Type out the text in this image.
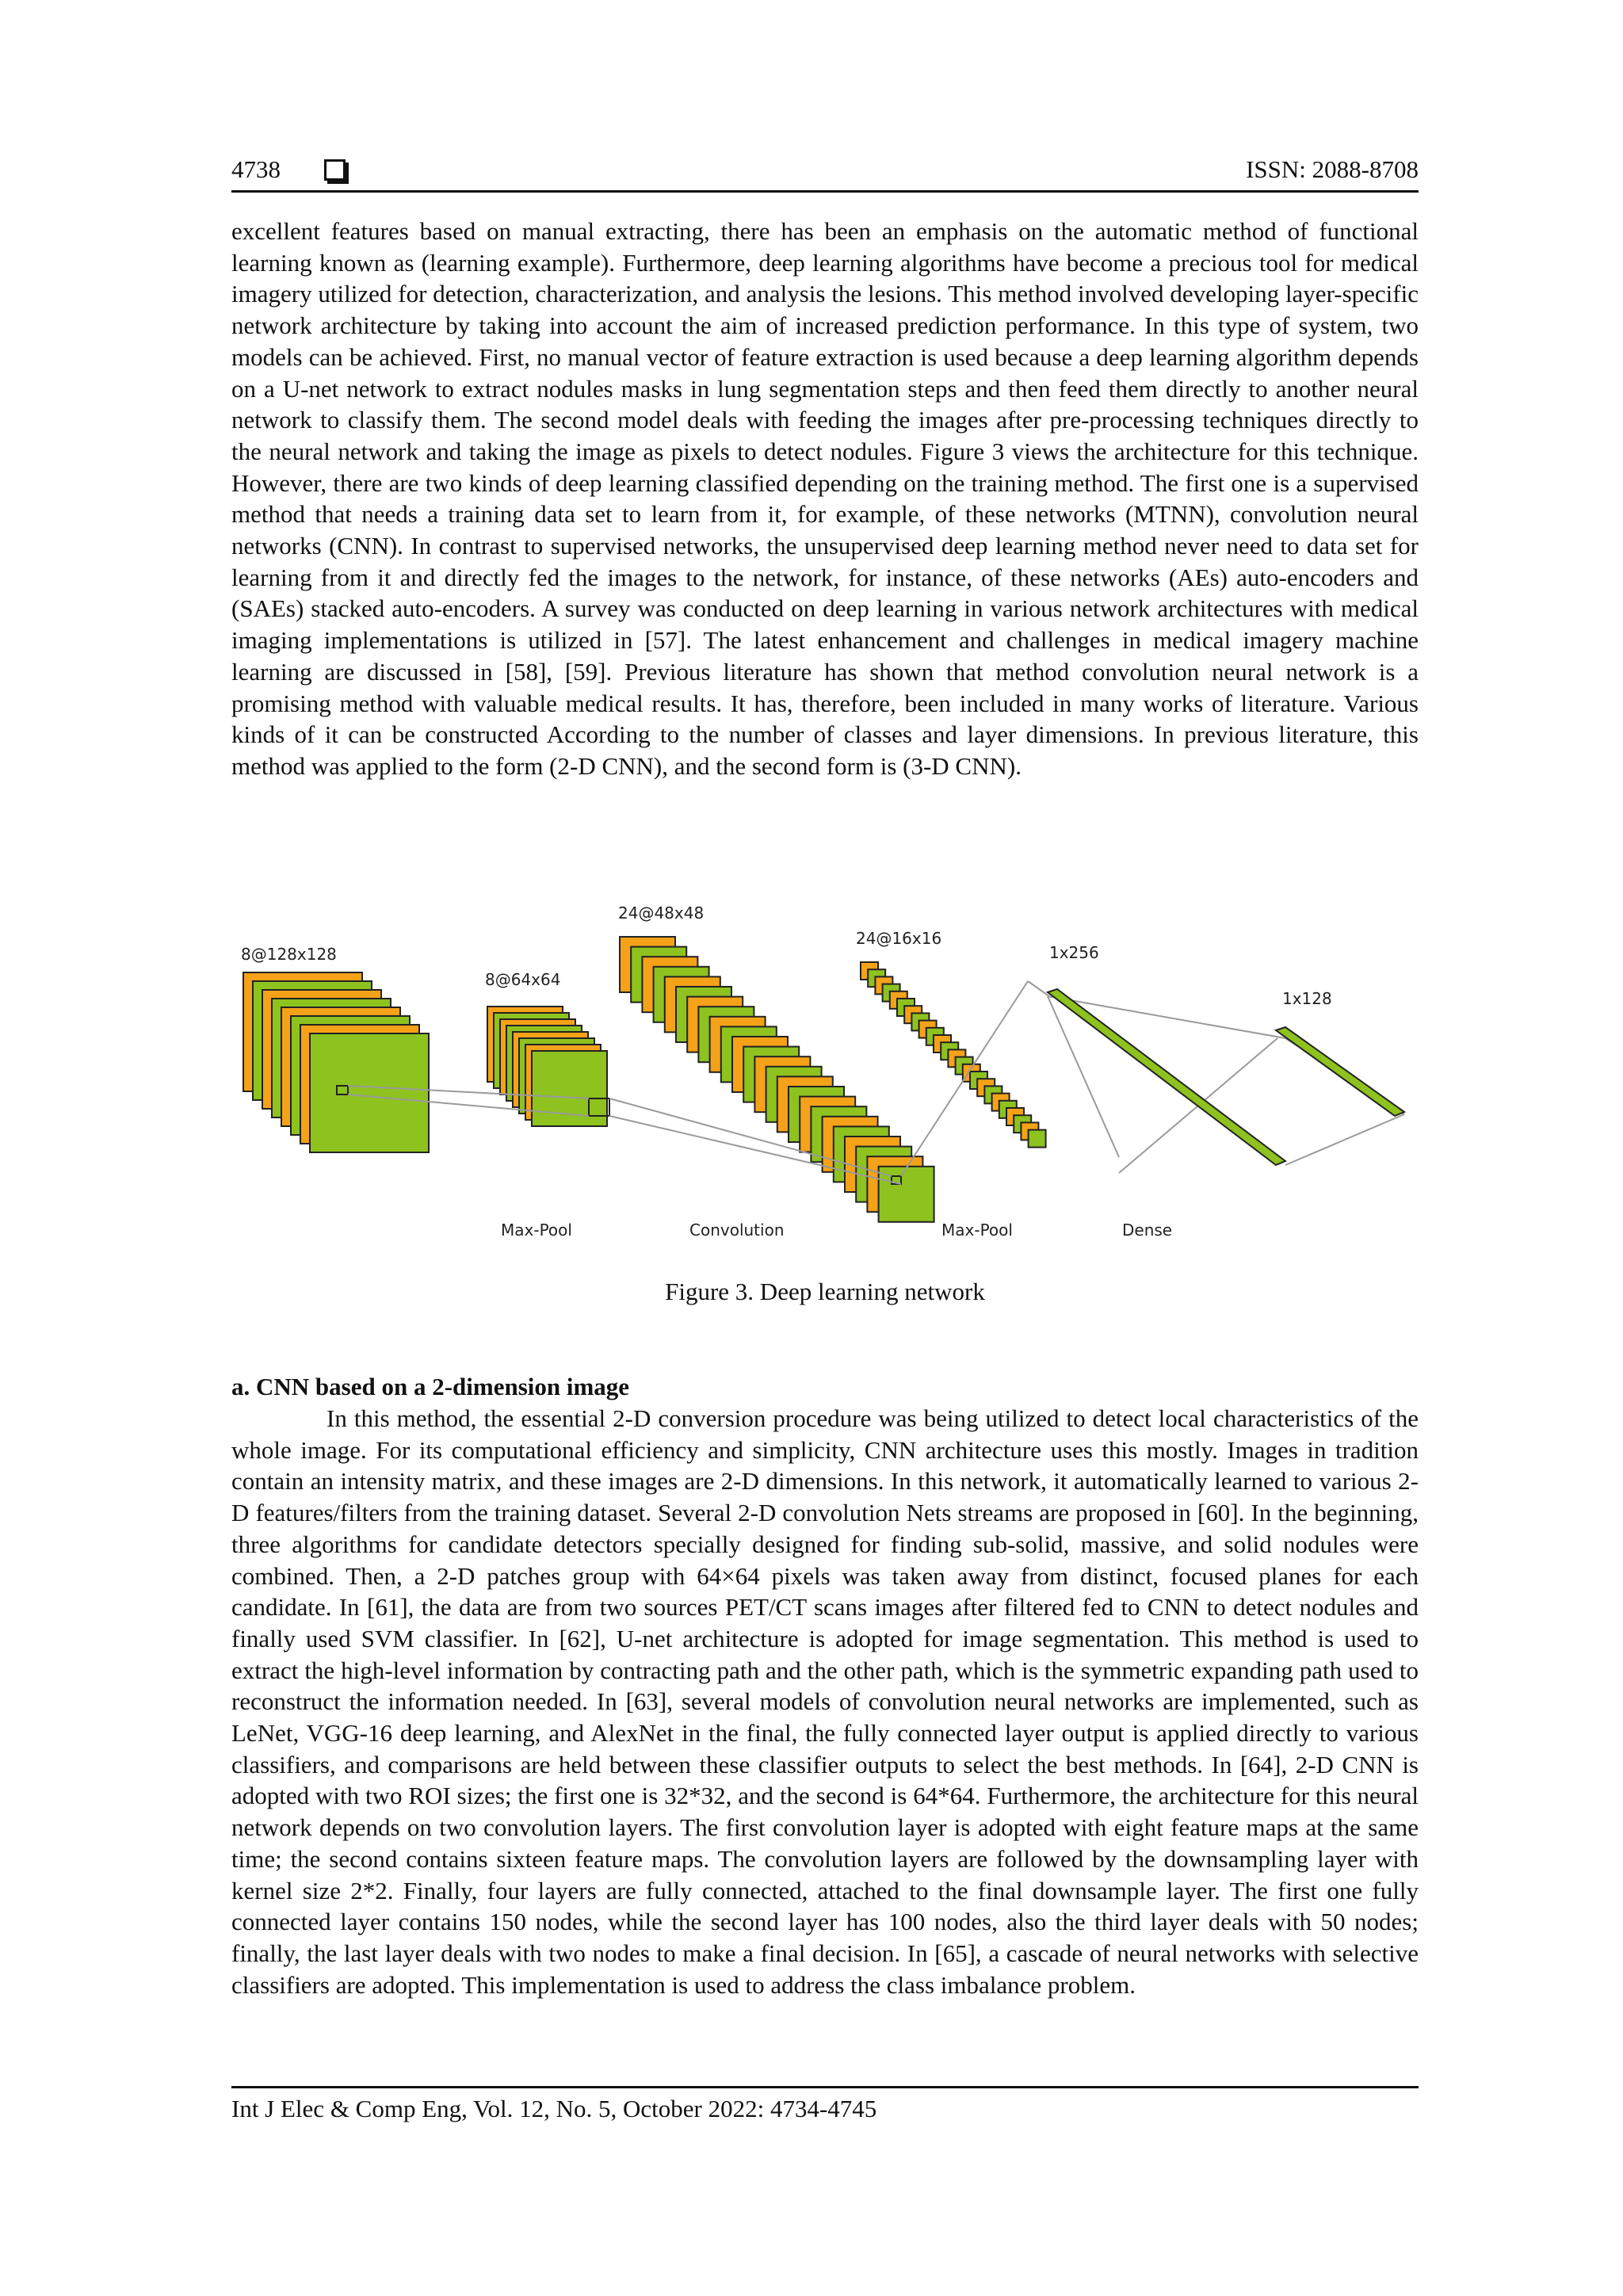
4738	ISSN: 2088-8708

excellent features based on manual extracting, there has been an emphasis on the automatic method of functional learning known as (learning example). Furthermore, deep learning algorithms have become a precious tool for medical imagery utilized for detection, characterization, and analysis the lesions. This method involved developing layer-specific network architecture by taking into account the aim of increased prediction performance. In this type of system, two models can be achieved. First, no manual vector of feature extraction is used because a deep learning algorithm depends on a U-net network to extract nodules masks in lung segmentation steps and then feed them directly to another neural network to classify them. The second model deals with feeding the images after pre-processing techniques directly to the neural network and taking the image as pixels to detect nodules. Figure 3 views the architecture for this technique. However, there are two kinds of deep learning classified depending on the training method. The first one is a supervised method that needs a training data set to learn from it, for example, of these networks (MTNN), convolution neural networks (CNN). In contrast to supervised networks, the unsupervised deep learning method never need to data set for learning from it and directly fed the images to the network, for instance, of these networks (AEs) auto-encoders and (SAEs) stacked auto-encoders. A survey was conducted on deep learning in various network architectures with medical imaging implementations is utilized in [57]. The latest enhancement and challenges in medical imagery machine learning are discussed in [58], [59]. Previous literature has shown that method convolution neural network is a promising method with valuable medical results. It has, therefore, been included in many works of literature. Various kinds of it can be constructed According to the number of classes and layer dimensions. In previous literature, this method was applied to the form (2-D CNN), and the second form is (3-D CNN).

8@128x128
8@64x64
24@48x48
24@16x16
1x256
1x128
Max-Pool	Convolution	Max-Pool	Dense
Figure 3. Deep learning network
a. CNN based on a 2-dimension image

In this method, the essential 2-D conversion procedure was being utilized to detect local characteristics of the whole image. For its computational efficiency and simplicity, CNN architecture uses this mostly. Images in tradition contain an intensity matrix, and these images are 2-D dimensions. In this network, it automatically learned to various 2-D features/filters from the training dataset. Several 2-D convolution Nets streams are proposed in [60]. In the beginning, three algorithms for candidate detectors specially designed for finding sub-solid, massive, and solid nodules were combined. Then, a 2-D patches group with 64×64 pixels was taken away from distinct, focused planes for each candidate. In [61], the data are from two sources PET/CT scans images after filtered fed to CNN to detect nodules and finally used SVM classifier. In [62], U-net architecture is adopted for image segmentation. This method is used to extract the high-level information by contracting path and the other path, which is the symmetric expanding path used to reconstruct the information needed. In [63], several models of convolution neural networks are implemented, such as LeNet, VGG-16 deep learning, and AlexNet in the final, the fully connected layer output is applied directly to various classifiers, and comparisons are held between these classifier outputs to select the best methods. In [64], 2-D CNN is adopted with two ROI sizes; the first one is 32*32, and the second is 64*64. Furthermore, the architecture for this neural network depends on two convolution layers. The first convolution layer is adopted with eight feature maps at the same time; the second contains sixteen feature maps. The convolution layers are followed by the downsampling layer with kernel size 2*2. Finally, four layers are fully connected, attached to the final downsample layer. The first one fully connected layer contains 150 nodes, while the second layer has 100 nodes, also the third layer deals with 50 nodes; finally, the last layer deals with two nodes to make a final decision. In [65], a cascade of neural networks with selective classifiers are adopted. This implementation is used to address the class imbalance problem.

Int J Elec & Comp Eng, Vol. 12, No. 5, October 2022: 4734-4745
